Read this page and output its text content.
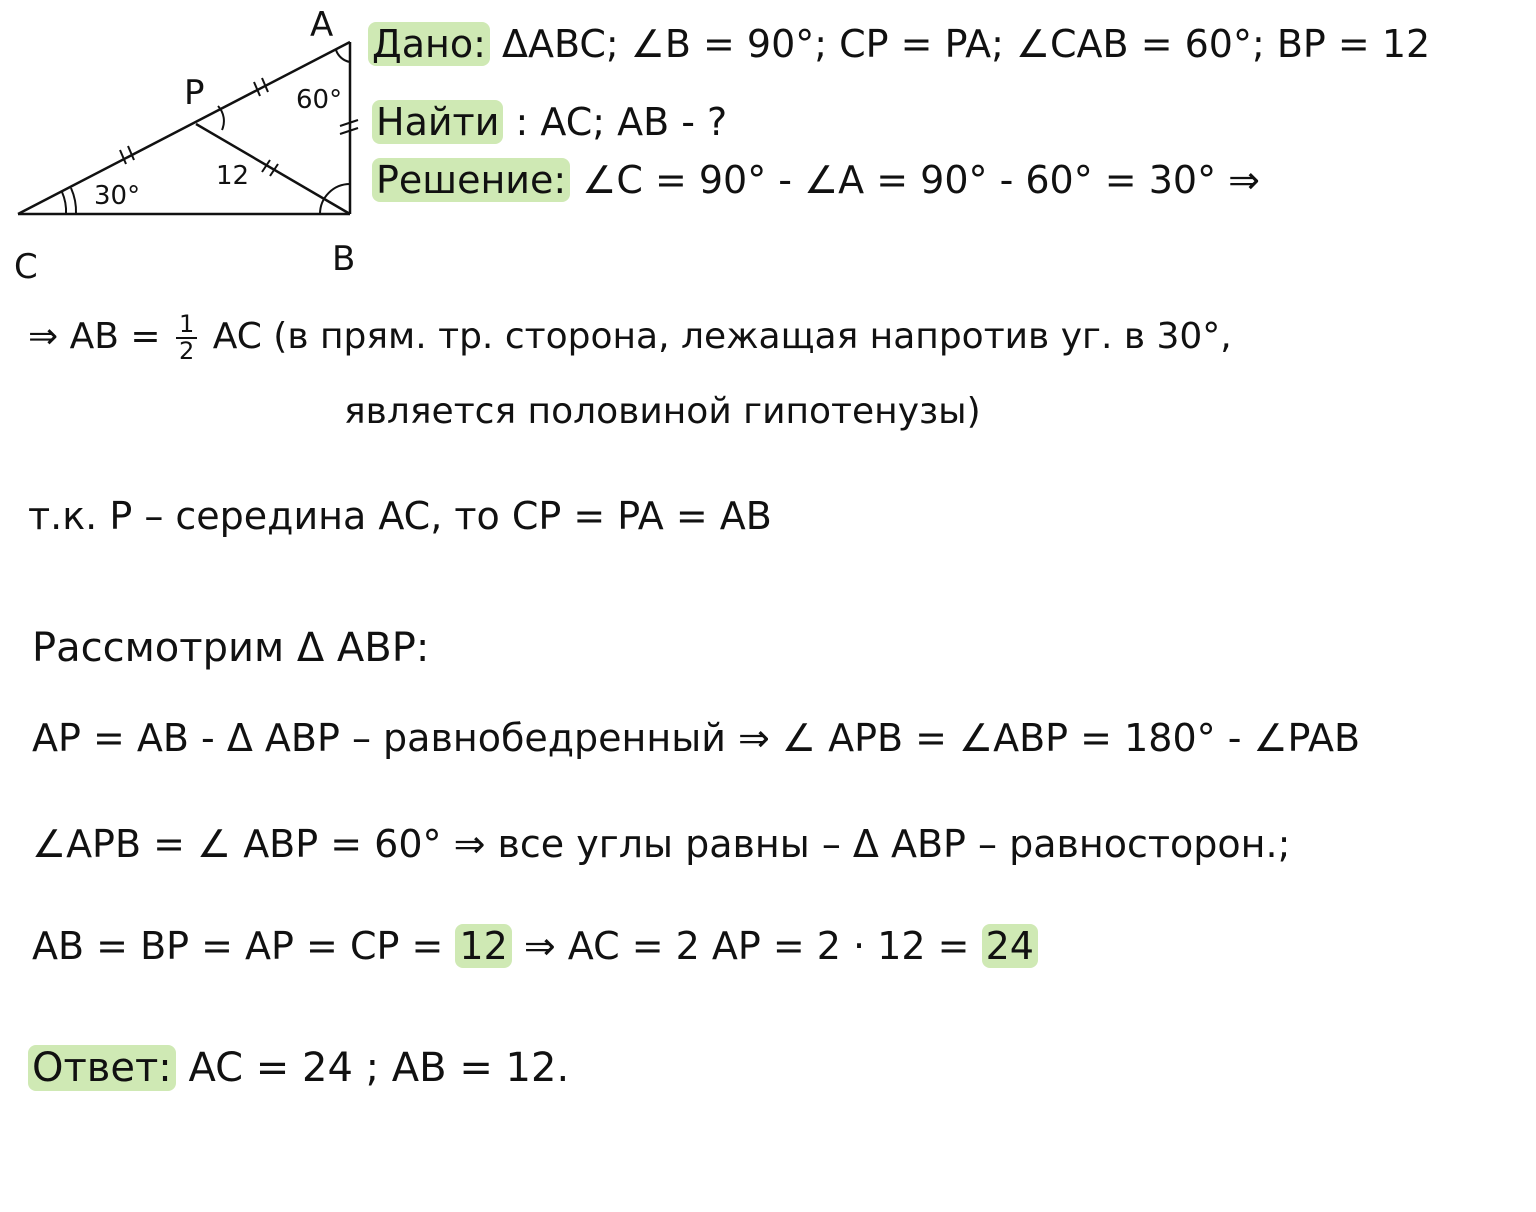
A
B
C
P	60°
30°
12
Дано: ΔABC; ∠B = 90°; CP = PA; ∠CAB = 60°; BP = 12
Найти : AC; AB - ?
Решение: ∠C = 90° - ∠A = 90° - 60° = 30° ⇒
⇒ AB = $\frac{1}{2}$ AC (в прям. тр. сторона, лежащая напротив уг. в 30°,
является половиной гипотенузы)
т.к. P – середина AC, то CP = PA = AB
Рассмотрим Δ ABP:
AP = AB - Δ ABP – равнобедренный ⇒ ∠ APB = ∠ABP = 180° - ∠PAB
∠APB = ∠ ABP = 60° ⇒ все углы равны – Δ ABP – равносторон.;
AB = BP = AP = CP = 12 ⇒ AC = 2 AP = 2 · 12 = 24
Ответ: AC = 24 ; AB = 12.
